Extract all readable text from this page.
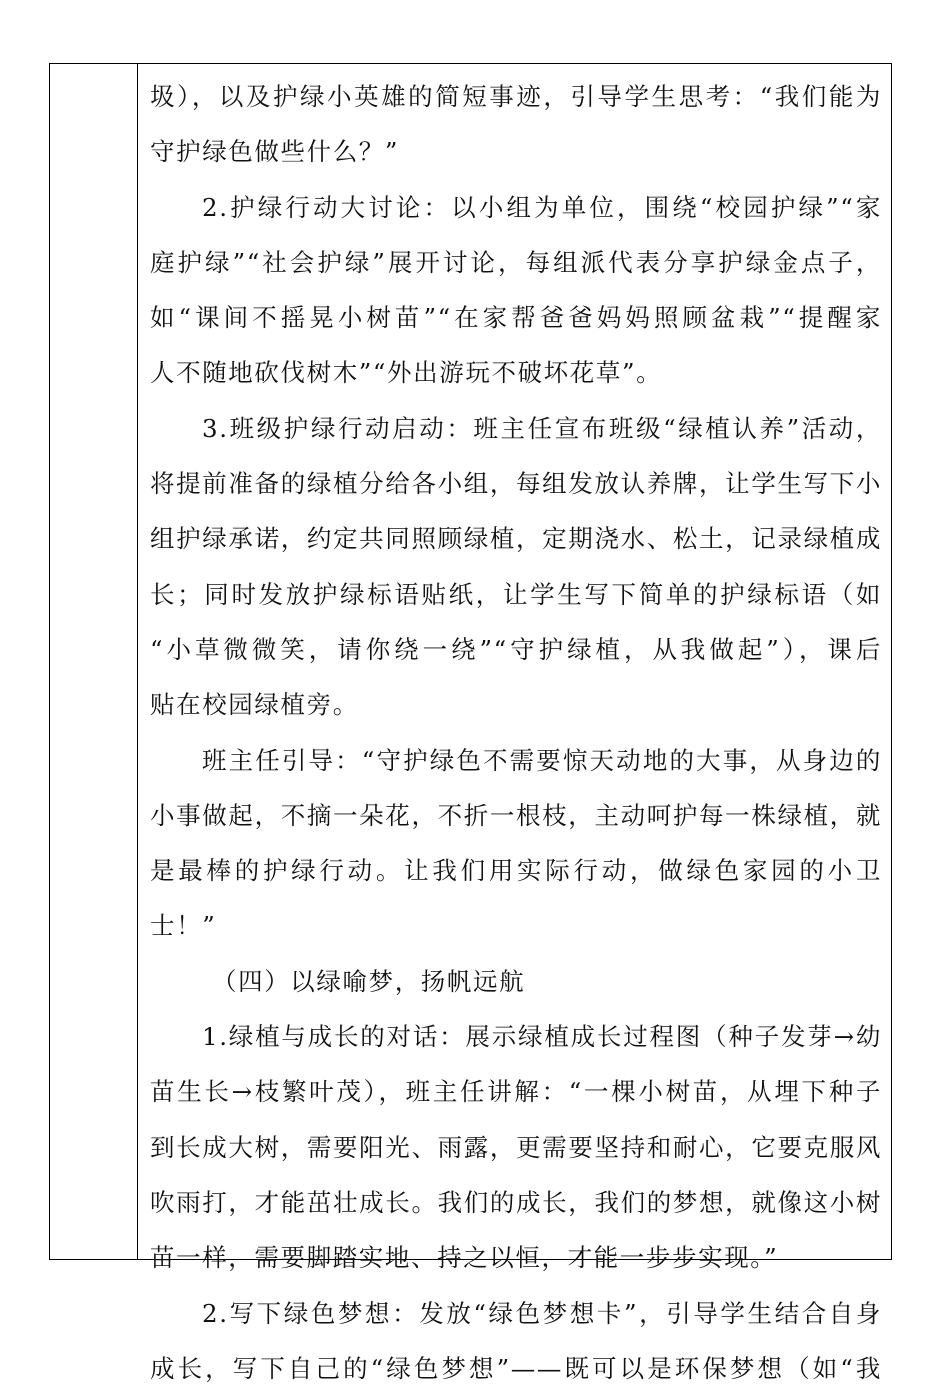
圾），以及护绿小英雄的简短事迹，引导学生思考：“我们能为
守护绿色做些什么？”
2.护绿行动大讨论：以小组为单位，围绕“校园护绿”“家
庭护绿”“社会护绿”展开讨论，每组派代表分享护绿金点子，
如“课间不摇晃小树苗”“在家帮爸爸妈妈照顾盆栽”“提醒家
人不随地砍伐树木”“外出游玩不破坏花草”。
3.班级护绿行动启动：班主任宣布班级“绿植认养”活动，
将提前准备的绿植分给各小组，每组发放认养牌，让学生写下小
组护绿承诺，约定共同照顾绿植，定期浇水、松土，记录绿植成
长；同时发放护绿标语贴纸，让学生写下简单的护绿标语（如
“小草微微笑，请你绕一绕”“守护绿植，从我做起”），课后
贴在校园绿植旁。
班主任引导：“守护绿色不需要惊天动地的大事，从身边的
小事做起，不摘一朵花，不折一根枝，主动呵护每一株绿植，就
是最棒的护绿行动。让我们用实际行动，做绿色家园的小卫
士！”
（四）以绿喻梦，扬帆远航
1.绿植与成长的对话：展示绿植成长过程图（种子发芽→幼
苗生长→枝繁叶茂），班主任讲解：“一棵小树苗，从埋下种子
到长成大树，需要阳光、雨露，更需要坚持和耐心，它要克服风
吹雨打，才能茁壮成长。我们的成长，我们的梦想，就像这小树
苗一样，需要脚踏实地、持之以恒，才能一步步实现。”
2.写下绿色梦想：发放“绿色梦想卡”，引导学生结合自身
成长，写下自己的“绿色梦想”——既可以是环保梦想（如“我
